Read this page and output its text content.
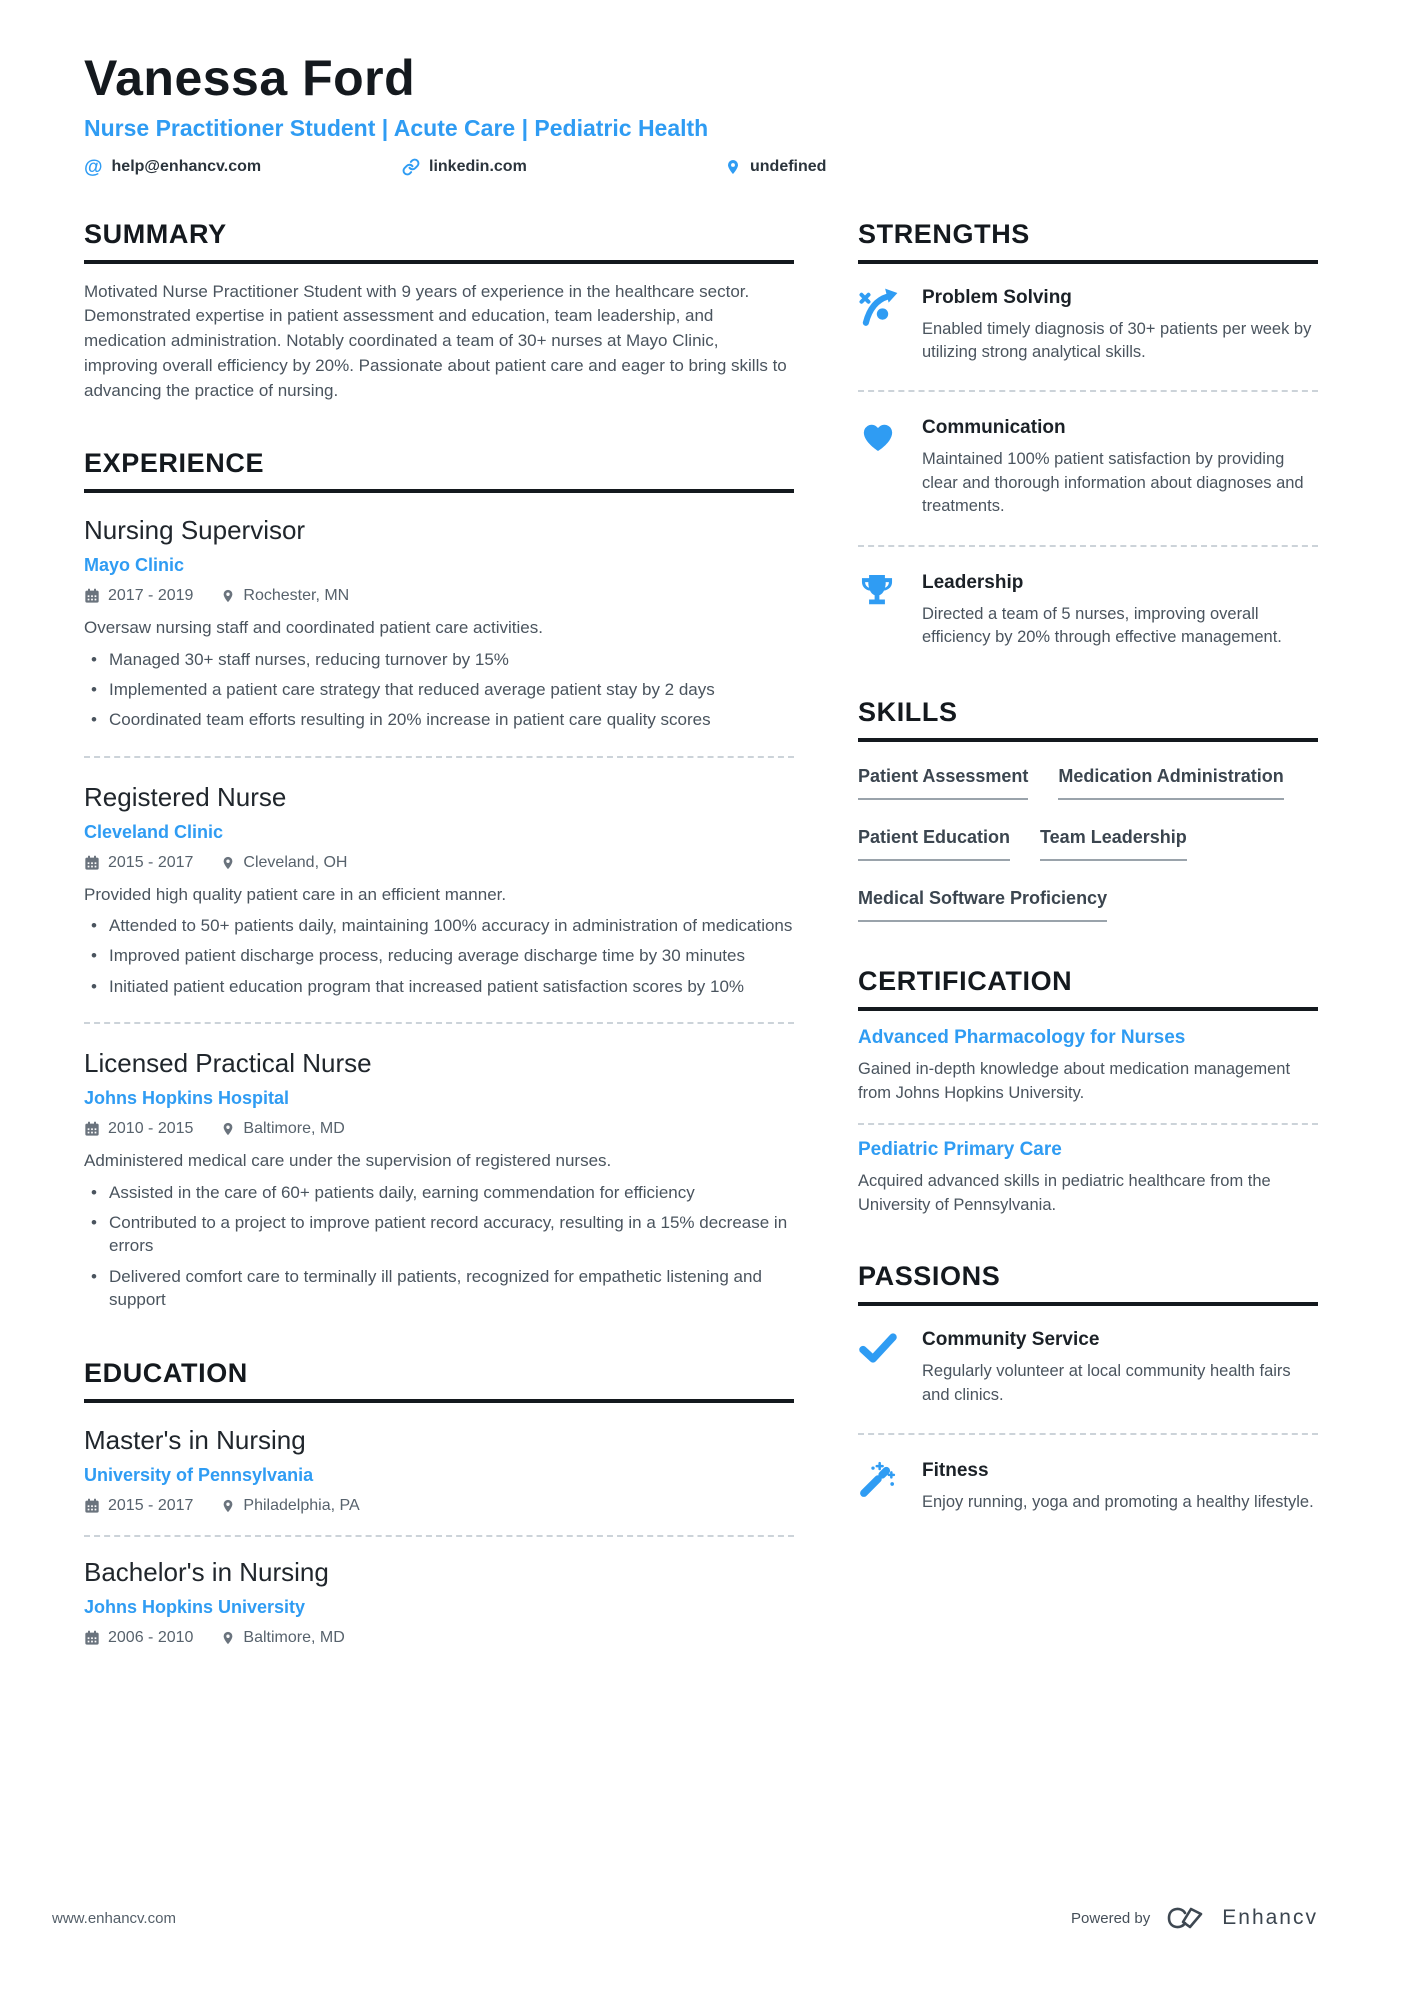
Vanessa Ford
Nurse Practitioner Student | Acute Care | Pediatric Health
@ help@enhancv.com	linkedin.com	undefined
SUMMARY
Motivated Nurse Practitioner Student with 9 years of experience in the healthcare sector. Demonstrated expertise in patient assessment and education, team leadership, and medication administration. Notably coordinated a team of 30+ nurses at Mayo Clinic, improving overall efficiency by 20%. Passionate about patient care and eager to bring skills to advancing the practice of nursing.
EXPERIENCE
Nursing Supervisor
Mayo Clinic
2017 - 2019	Rochester, MN
Oversaw nursing staff and coordinated patient care activities.
• Managed 30+ staff nurses, reducing turnover by 15%
• Implemented a patient care strategy that reduced average patient stay by 2 days
• Coordinated team efforts resulting in 20% increase in patient care quality scores
Registered Nurse
Cleveland Clinic
2015 - 2017	Cleveland, OH
Provided high quality patient care in an efficient manner.
• Attended to 50+ patients daily, maintaining 100% accuracy in administration of medications
• Improved patient discharge process, reducing average discharge time by 30 minutes
• Initiated patient education program that increased patient satisfaction scores by 10%
Licensed Practical Nurse
Johns Hopkins Hospital
2010 - 2015	Baltimore, MD
Administered medical care under the supervision of registered nurses.
• Assisted in the care of 60+ patients daily, earning commendation for efficiency
• Contributed to a project to improve patient record accuracy, resulting in a 15% decrease in errors
• Delivered comfort care to terminally ill patients, recognized for empathetic listening and support
EDUCATION
Master's in Nursing
University of Pennsylvania
2015 - 2017	Philadelphia, PA
Bachelor's in Nursing
Johns Hopkins University
2006 - 2010	Baltimore, MD
STRENGTHS
Problem Solving
Enabled timely diagnosis of 30+ patients per week by utilizing strong analytical skills.
Communication
Maintained 100% patient satisfaction by providing clear and thorough information about diagnoses and treatments.
Leadership
Directed a team of 5 nurses, improving overall efficiency by 20% through effective management.
SKILLS
Patient Assessment Medication Administration
Patient Education Team Leadership
Medical Software Proficiency
CERTIFICATION
Advanced Pharmacology for Nurses
Gained in-depth knowledge about medication management from Johns Hopkins University.
Pediatric Primary Care
Acquired advanced skills in pediatric healthcare from the University of Pennsylvania.
PASSIONS
Community Service
Regularly volunteer at local community health fairs and clinics.
Fitness
Enjoy running, yoga and promoting a healthy lifestyle.
www.enhancv.com	Powered by	Enhancv
